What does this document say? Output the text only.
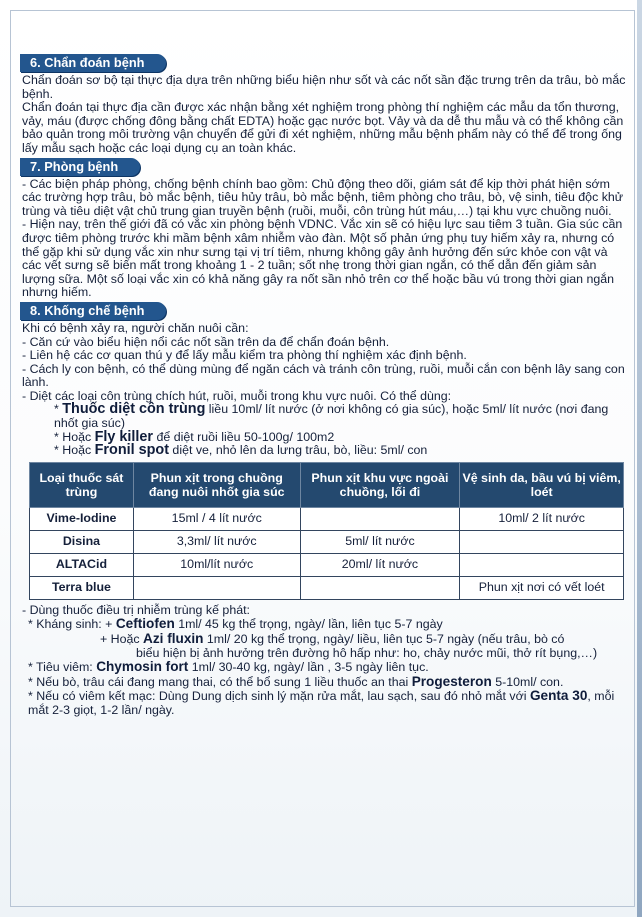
6. Chẩn đoán bệnh

Chẩn đoán sơ bộ tại thực địa dựa trên những biểu hiện như sốt và các nốt sần đặc trưng trên da trâu, bò mắc bệnh.

Chẩn đoán tại thực địa cần được xác nhận bằng xét nghiệm trong phòng thí nghiệm các mẫu da tổn thương, vảy, máu (được chống đông bằng chất EDTA) hoặc gạc nước bọt. Vảy và da dễ thu mẫu và có thể không cần bảo quản trong môi trường vận chuyển để gửi đi xét nghiệm, những mẫu bệnh phẩm này có thể để trong ống lấy mẫu sạch hoặc các loại dụng cụ an toàn khác.

7. Phòng bệnh

- Các biện pháp phòng, chống bệnh chính bao gồm: Chủ động theo dõi, giám sát để kịp thời phát hiện sớm các trường hợp trâu, bò mắc bệnh, tiêu hủy trâu, bò mắc bệnh, tiêm phòng cho trâu, bò, vệ sinh, tiêu độc khử trùng và tiêu diệt vật chủ trung gian truyền bệnh (ruồi, muỗi, côn trùng hút máu,…) tại khu vực chuồng nuôi.

- Hiện nay, trên thế giới đã có vắc xin phòng bệnh VDNC. Vắc xin sẽ có hiệu lực sau tiêm 3 tuần. Gia súc cần được tiêm phòng trước khi mầm bệnh xâm nhiễm vào đàn. Một số phản ứng phụ tuy hiếm xảy ra, nhưng có thể gặp khi sử dụng vắc xin như sưng tại vị trí tiêm, nhưng không gây ảnh hưởng đến sức khỏe con vật và các vết sưng sẽ biến mất trong khoảng 1 - 2 tuần; sốt nhẹ trong thời gian ngắn, có thể dẫn đến giảm sản lượng sữa. Một số loại vắc xin có khả năng gây ra nốt sần nhỏ trên cơ thể hoặc bầu vú trong thời gian ngắn nhưng hiếm.

8. Khống chế bệnh

Khi có bệnh xảy ra, người chăn nuôi cần:

- Căn cứ vào biểu hiện nổi các nốt sần trên da để chẩn đoán bệnh.

- Liên hệ các cơ quan thú y để lấy mẫu kiểm tra phòng thí nghiệm xác định bệnh.

- Cách ly con bệnh, có thể dùng mùng để ngăn cách và tránh côn trùng, ruồi, muỗi cắn con bệnh lây sang con lành.

- Diệt các loại côn trùng chích hút, ruồi, muỗi trong khu vực nuôi. Có thể dùng:

* Thuốc diệt côn trùng liều 10ml/ lít nước (ở nơi không có gia súc), hoặc 5ml/ lít nước (nơi đang nhốt gia súc)

* Hoặc Fly killer để diệt ruồi liều 50-100g/ 100m2

* Hoặc Fronil spot diệt ve, nhỏ lên da lưng trâu, bò, liều: 5ml/ con

Loại thuốc sát trùng	Phun xịt trong chuồng đang nuôi nhốt gia súc	Phun xịt khu vực ngoài chuồng, lối đi	Vệ sinh da, bầu vú bị viêm, loét
Vime-Iodine	15ml / 4 lít nước		10ml/ 2 lít nước
Disina	3,3ml/ lít nước	5ml/ lít nước	
ALTACid	10ml/lít nước	20ml/ lít nước	
Terra blue			Phun xịt nơi có vết loét

- Dùng thuốc điều trị nhiễm trùng kế phát:

* Kháng sinh: + Ceftiofen 1ml/ 45 kg thể trọng, ngày/ lần, liên tục 5-7 ngày

+ Hoặc Azi fluxin 1ml/ 20 kg thể trọng, ngày/ liều, liên tục 5-7 ngày (nếu trâu, bò có

biểu hiện bị ảnh hưởng trên đường hô hấp như: ho, chảy nước mũi, thở rít bụng,…)

* Tiêu viêm: Chymosin fort 1ml/ 30-40 kg, ngày/ lần , 3-5 ngày liên tục.

* Nếu bò, trâu cái đang mang thai, có thể bổ sung 1 liều thuốc an thai Progesteron 5-10ml/ con.

* Nếu có viêm kết mạc: Dùng Dung dịch sinh lý mặn rửa mắt, lau sạch, sau đó nhỏ mắt với Genta 30, mỗi mắt 2-3 giọt, 1-2 lần/ ngày.
